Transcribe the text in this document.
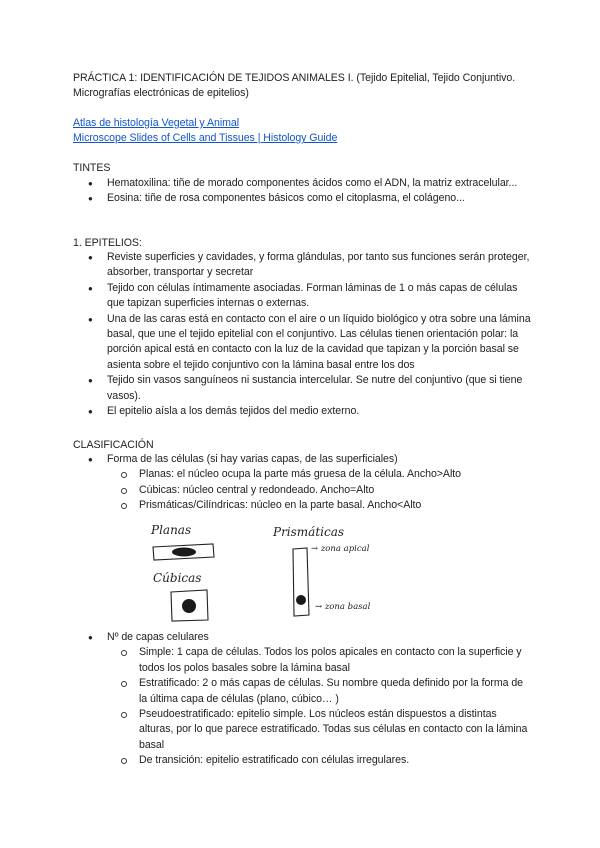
PRÁCTICA 1: IDENTIFICACIÓN DE TEJIDOS ANIMALES I. (Tejido Epitelial, Tejido Conjuntivo. Micrografías electrónicas de epitelios)
Atlas de histología Vegetal y Animal
Microscope Slides of Cells and Tissues | Histology Guide
TINTES
● Hematoxilina: tiñe de morado componentes ácidos como el ADN, la matriz extracelular...
● Eosina: tiñe de rosa componentes básicos como el citoplasma, el colágeno...
1. EPITELIOS:
● Reviste superficies y cavidades, y forma glándulas, por tanto sus funciones serán proteger, absorber, transportar y secretar
● Tejido con células íntimamente asociadas. Forman láminas de 1 o más capas de células que tapizan superficies internas o externas.
● Una de las caras está en contacto con el aire o un líquido biológico y otra sobre una lámina basal, que une el tejido epitelial con el conjuntivo. Las células tienen orientación polar: la porción apical está en contacto con la luz de la cavidad que tapizan y la porción basal se asienta sobre el tejido conjuntivo con la lámina basal entre los dos
● Tejido sin vasos sanguíneos ni sustancia intercelular. Se nutre del conjuntivo (que si tiene vasos).
● El epitelio aísla a los demás tejidos del medio externo.
CLASIFICACIÓN
● Forma de las células (si hay varias capas, de las superficiales)
Planas: el núcleo ocupa la parte más gruesa de la célula. Ancho>Alto
Cúbicas: núcleo central y redondeado. Ancho=Alto
Prismáticas/Cilíndricas: núcleo en la parte basal. Ancho<Alto
Planas
Cúbicas
Prismáticas
→ zona apical
→ zona basal
● Nº de capas celulares
Simple: 1 capa de células. Todos los polos apicales en contacto con la superficie y todos los polos basales sobre la lámina basal
Estratificado: 2 o más capas de células. Su nombre queda definido por la forma de la última capa de células (plano, cúbico… )
Pseudoestratificado: epitelio simple. Los núcleos están dispuestos a distintas alturas, por lo que parece estratificado. Todas sus células en contacto con la lámina basal
De transición: epitelio estratificado con células irregulares.
